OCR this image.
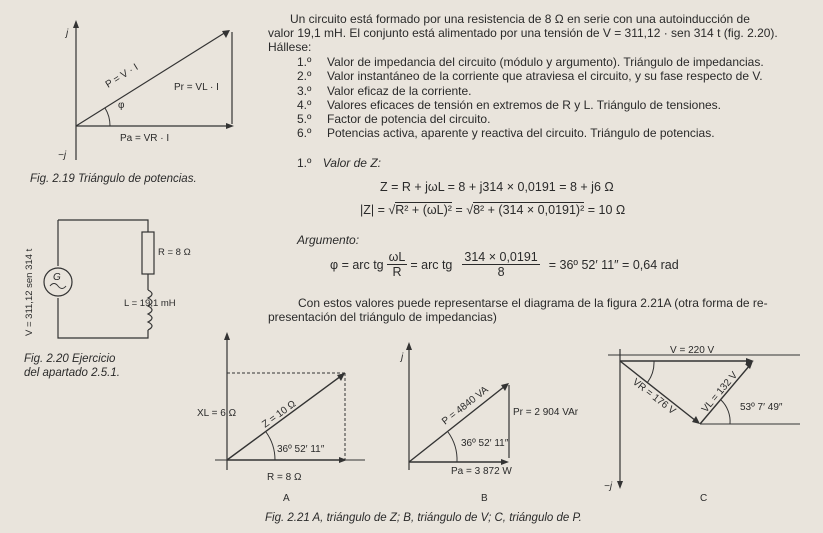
Un circuito está formado por una resistencia de 8 Ω en serie con una autoinducción de
valor 19,1 mH. El conjunto está alimentado por una tensión de V = 311,12 · sen 314 t (fig. 2.20).
Hállese:
1.º	Valor de impedancia del circuito (módulo y argumento). Triángulo de impedancias.
2.º	Valor instantáneo de la corriente que atraviesa el circuito, y su fase respecto de V.
3.º	Valor eficaz de la corriente.
4.º	Valores eficaces de tensión en extremos de R y L. Triángulo de tensiones.
5.º	Factor de potencia del circuito.
6.º	Potencias activa, aparente y reactiva del circuito. Triángulo de potencias.
1.º Valor de Z:
Z = R + jωL = 8 + j314 × 0,0191 = 8 + j6 Ω
|Z| = √R² + (ωL)² = √8² + (314 × 0,0191)² = 10 Ω
Argumento:
φ = arc tg $\frac{\omega L}{R}$ = arc tg $\frac{314 \times 0,0191}{8}$ = 36º 52′ 11″ = 0,64 rad
Con estos valores puede representarse el diagrama de la figura 2.21A (otra forma de re-
presentación del triángulo de impedancias)
j
−j
P = V · I
φ
Pr = VL · I
Pa = VR · I
Fig. 2.19 Triángulo de potencias.
G
V = 311,12 sen 314 t	R = 8 Ω
L = 19,1 mH
Fig. 2.20 Ejercicio
del apartado 2.5.1.
XL = 6 Ω Z = 10 Ω
36º 52′ 11″
R = 8 Ω
A
j
P = 4840 VA Pr = 2 904 VAr
36º 52′ 11″
Pa = 3 872 W
B
V = 220 V
VR = 176 V VL = 132 V 53º 7′ 49″
−j
C
Fig. 2.21 A, triángulo de Z; B, triángulo de V; C, triángulo de P.
